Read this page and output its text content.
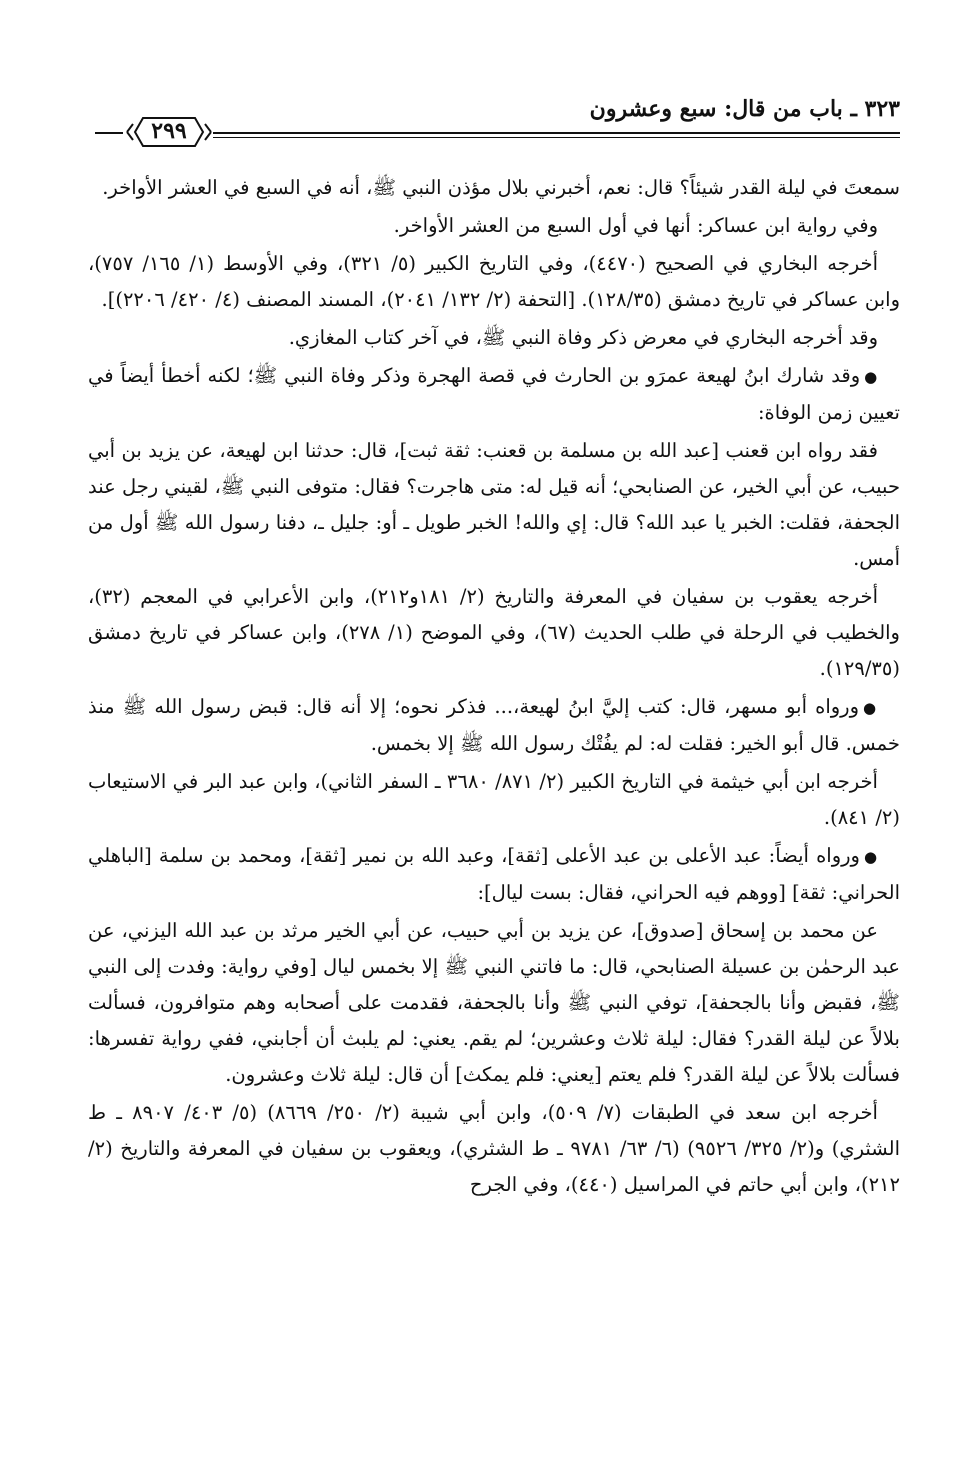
٣٢٣ ـ باب من قال: سبع وعشرون
٢٩٩

سمعتَ في ليلة القدر شيئاً؟ قال: نعم، أخبرني بلال مؤذن النبي ﷺ، أنه في السبع في العشر الأواخر.

وفي رواية ابن عساكر: أنها في أول السبع من العشر الأواخر.

أخرجه البخاري في الصحيح (٤٤٧٠)، وفي التاريخ الكبير (٥/ ٣٢١)، وفي الأوسط (١/ ١٦٥/ ٧٥٧)، وابن عساكر في تاريخ دمشق (١٢٨/٣٥). [التحفة (٢/ ١٣٢/ ٢٠٤١)، المسند المصنف (٤/ ٤٢٠/ ٢٢٠٦)].

وقد أخرجه البخاري في معرض ذكر وفاة النبي ﷺ، في آخر كتاب المغازي.

●وقد شارك ابنُ لهيعة عمرَو بن الحارث في قصة الهجرة وذكر وفاة النبي ﷺ؛ لكنه أخطأ أيضاً في تعيين زمن الوفاة:

فقد رواه ابن قعنب [عبد الله بن مسلمة بن قعنب: ثقة ثبت]، قال: حدثنا ابن لهيعة، عن يزيد بن أبي حبيب، عن أبي الخير، عن الصنابحي؛ أنه قيل له: متى هاجرت؟ فقال: متوفى النبي ﷺ، لقيني رجل عند الجحفة، فقلت: الخبر يا عبد الله؟ قال: إي والله! الخبر طويل ـ أو: جليل ـ، دفنا رسول الله ﷺ أول من أمس.

أخرجه يعقوب بن سفيان في المعرفة والتاريخ (٢/ ١٨١و٢١٢)، وابن الأعرابي في المعجم (٣٢)، والخطيب في الرحلة في طلب الحديث (٦٧)، وفي الموضح (١/ ٢٧٨)، وابن عساكر في تاريخ دمشق (١٢٩/٣٥).

●ورواه أبو مسهر، قال: كتب إليَّ ابنُ لهيعة،... فذكر نحوه؛ إلا أنه قال: قبض رسول الله ﷺ منذ خمس. قال أبو الخير: فقلت له: لم يفُتْك رسول الله ﷺ إلا بخمس.

أخرجه ابن أبي خيثمة في التاريخ الكبير (٢/ ٨٧١/ ٣٦٨٠ ـ السفر الثاني)، وابن عبد البر في الاستيعاب (٢/ ٨٤١).

●ورواه أيضاً: عبد الأعلى بن عبد الأعلى [ثقة]، وعبد الله بن نمير [ثقة]، ومحمد بن سلمة [الباهلي الحراني: ثقة] [ووهم فيه الحراني، فقال: بست ليال]:

عن محمد بن إسحاق [صدوق]، عن يزيد بن أبي حبيب، عن أبي الخير مرثد بن عبد الله اليزني، عن عبد الرحمٰن بن عسيلة الصنابحي، قال: ما فاتني النبي ﷺ إلا بخمس ليال [وفي رواية: وفدت إلى النبي ﷺ، فقبض وأنا بالجحفة]، توفي النبي ﷺ وأنا بالجحفة، فقدمت على أصحابه وهم متوافرون، فسألت بلالاً عن ليلة القدر؟ فقال: ليلة ثلاث وعشرين؛ لم يقم. يعني: لم يلبث أن أجابني، ففي رواية تفسرها: فسألت بلالاً عن ليلة القدر؟ فلم يعتم [يعني: فلم يمكث] أن قال: ليلة ثلاث وعشرون.

أخرجه ابن سعد في الطبقات (٧/ ٥٠٩)، وابن أبي شيبة (٢/ ٢٥٠/ ٨٦٦٩) (٥/ ٤٠٣/ ٨٩٠٧ ـ ط الشثري) و(٢/ ٣٢٥/ ٩٥٢٦) (٦/ ٦٣/ ٩٧٨١ ـ ط الشثري)، ويعقوب بن سفيان في المعرفة والتاريخ (٢/ ٢١٢)، وابن أبي حاتم في المراسيل (٤٤٠)، وفي الجرح
